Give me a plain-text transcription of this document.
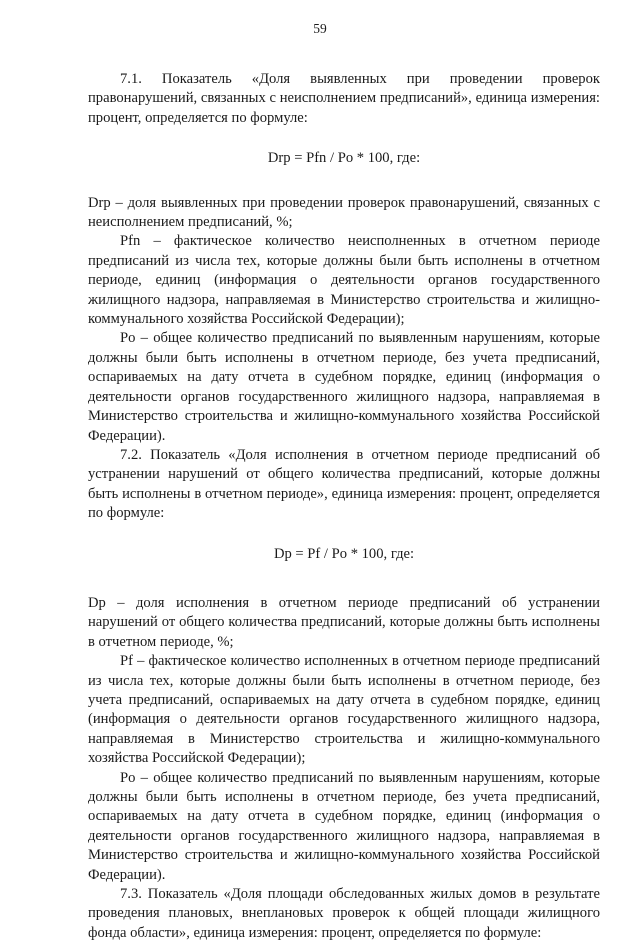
59

7.1. Показатель «Доля выявленных при проведении проверок правонарушений, связанных с неисполнением предписаний», единица измерения: процент, определяется по формуле:

Drp = Pfn / Po * 100, где:

Drp – доля выявленных при проведении проверок правонарушений, связанных с неисполнением предписаний, %;

Pfn – фактическое количество неисполненных в отчетном периоде предписаний из числа тех, которые должны были быть исполнены в отчетном периоде, единиц (информация о деятельности органов государственного жилищного надзора, направляемая в Министерство строительства и жилищно-коммунального хозяйства Российской Федерации);

Po – общее количество предписаний по выявленным нарушениям, которые должны были быть исполнены в отчетном периоде, без учета предписаний, оспариваемых на дату отчета в судебном порядке, единиц (информация о деятельности органов государственного жилищного надзора, направляемая в Министерство строительства и жилищно-коммунального хозяйства Российской Федерации).

7.2. Показатель «Доля исполнения в отчетном периоде предписаний об устранении нарушений от общего количества предписаний, которые должны быть исполнены в отчетном периоде», единица измерения: процент, определяется по формуле:

Dp = Pf / Po * 100, где:

Dp – доля исполнения в отчетном периоде предписаний об устранении нарушений от общего количества предписаний, которые должны быть исполнены в отчетном периоде, %;

Pf – фактическое количество исполненных в отчетном периоде предписаний из числа тех, которые должны были быть исполнены в отчетном периоде, без учета предписаний, оспариваемых на дату отчета в судебном порядке, единиц (информация о деятельности органов государственного жилищного надзора, направляемая в Министерство строительства и жилищно-коммунального хозяйства Российской Федерации);

Po – общее количество предписаний по выявленным нарушениям, которые должны были быть исполнены в отчетном периоде, без учета предписаний, оспариваемых на дату отчета в судебном порядке, единиц (информация о деятельности органов государственного жилищного надзора, направляемая в Министерство строительства и жилищно-коммунального хозяйства Российской Федерации).

7.3. Показатель «Доля площади обследованных жилых домов в результате проведения плановых, внеплановых проверок к общей площади жилищного фонда области», единица измерения: процент, определяется по формуле:
